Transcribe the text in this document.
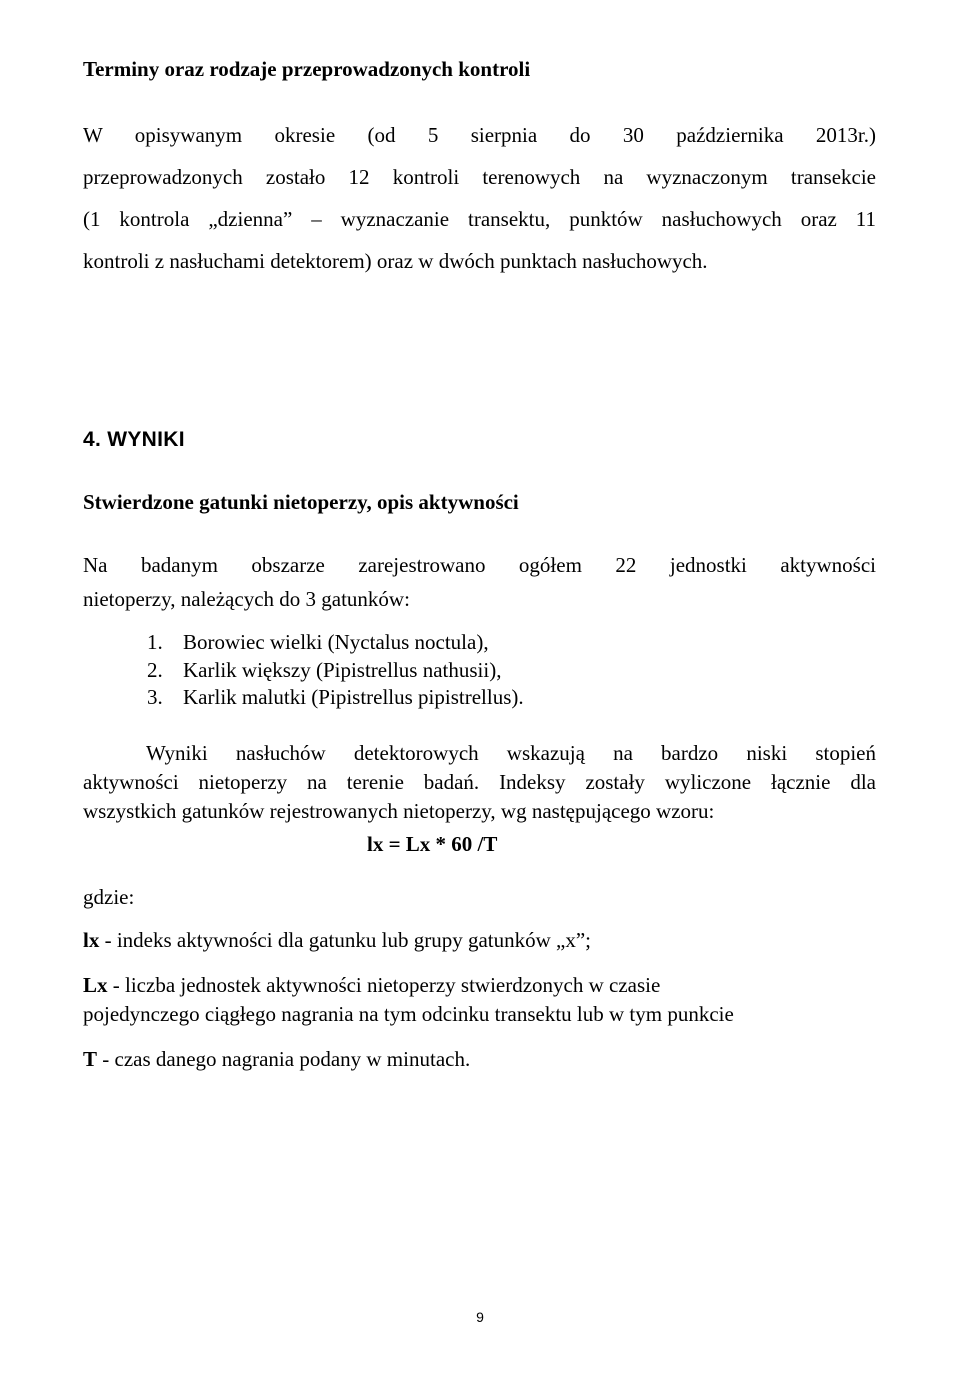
Terminy oraz rodzaje przeprowadzonych kontroli
W opisywanym okresie (od 5 sierpnia do 30 października 2013r.)
przeprowadzonych zostało 12 kontroli terenowych na wyznaczonym transekcie
(1 kontrola „dzienna” – wyznaczanie transektu, punktów nasłuchowych oraz 11
kontroli z nasłuchami detektorem) oraz w dwóch punktach nasłuchowych.
4. WYNIKI
Stwierdzone gatunki nietoperzy, opis aktywności
Na badanym obszarze zarejestrowano ogółem 22 jednostki aktywności
nietoperzy, należących do 3 gatunków:
1. Borowiec wielki (Nyctalus noctula),
2. Karlik większy (Pipistrellus nathusii),
3. Karlik malutki (Pipistrellus pipistrellus).
Wyniki nasłuchów detektorowych wskazują na bardzo niski stopień
aktywności nietoperzy na terenie badań. Indeksy zostały wyliczone łącznie dla
wszystkich gatunków rejestrowanych nietoperzy, wg następującego wzoru:
lx = Lx * 60 /T
gdzie:
lx - indeks aktywności dla gatunku lub grupy gatunków „x”;
Lx - liczba jednostek aktywności nietoperzy stwierdzonych w czasie
pojedynczego ciągłego nagrania na tym odcinku transektu lub w tym punkcie
T - czas danego nagrania podany w minutach.
9
